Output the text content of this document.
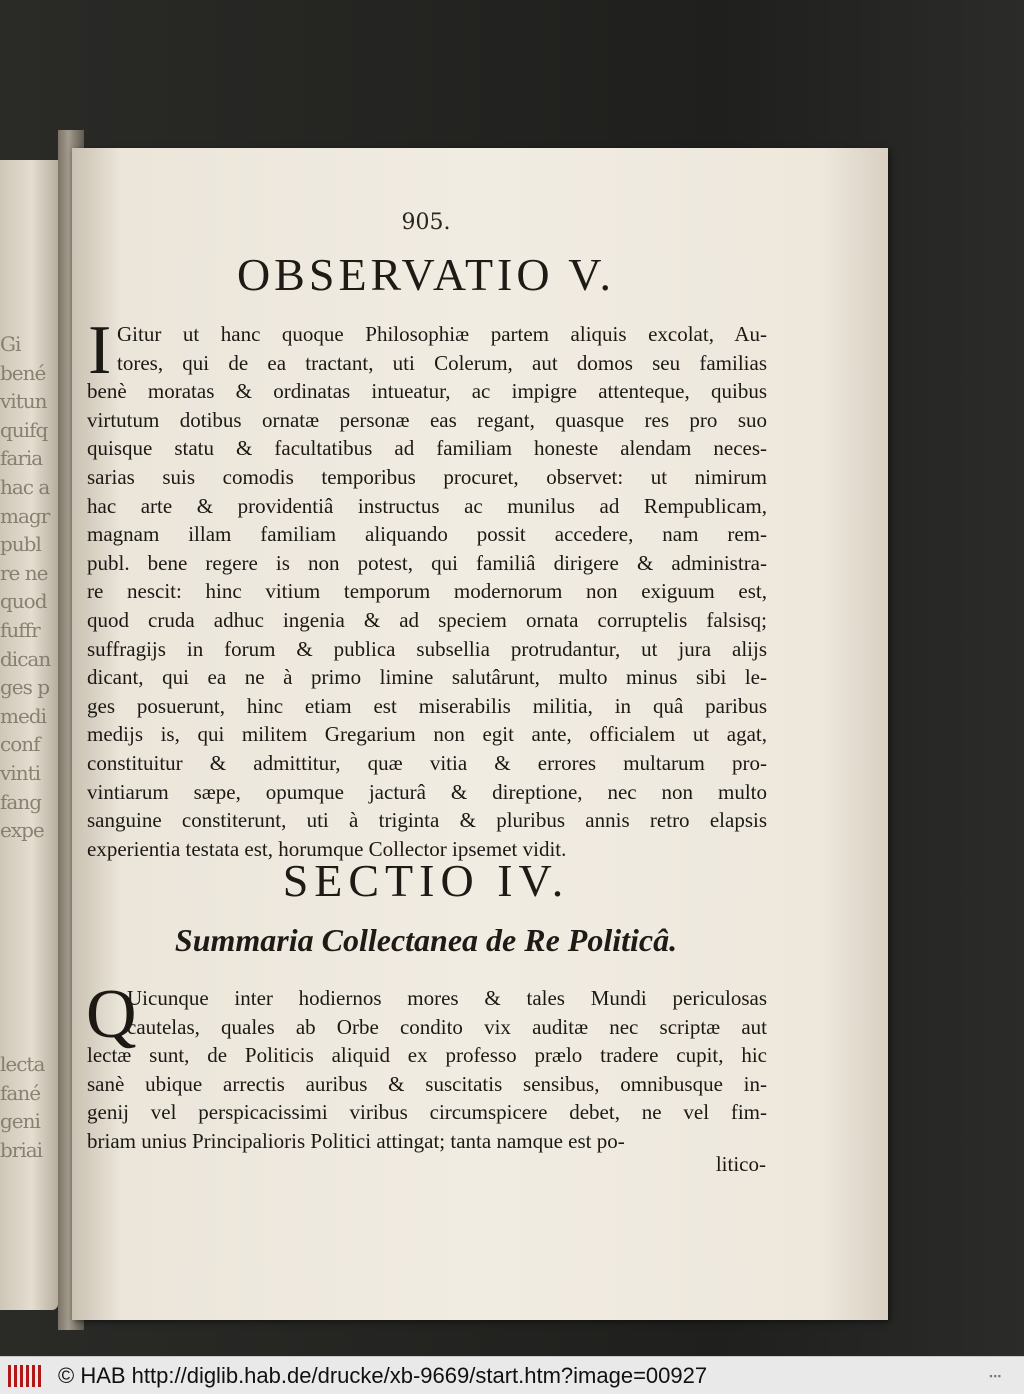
Gi
bené
vitun
quifq
faria
hac a
magr
publ
re ne
quod
fuffr
dican
ges p
medi
conf
vinti
fang
expe
lecta
fané
geni
briai
905.
OBSERVATIO V.
I Gitur ut hanc quoque Philosophiæ partem aliquis excolat, Au-
tores, qui de ea tractant, uti Colerum, aut domos seu familias
benè moratas & ordinatas intueatur, ac impigre attenteque, quibus
virtutum dotibus ornatæ personæ eas regant, quasque res pro suo
quisque statu & facultatibus ad familiam honeste alendam neces-
sarias suis comodis temporibus procuret, observet: ut nimirum
hac arte & providentiâ instructus ac munilus ad Rempublicam,
magnam illam familiam aliquando possit accedere, nam rem-
publ. bene regere is non potest, qui familiâ dirigere & administra-
re nescit: hinc vitium temporum modernorum non exiguum est,
quod cruda adhuc ingenia & ad speciem ornata corruptelis falsisq;
suffragijs in forum & publica subsellia protrudantur, ut jura alijs
dicant, qui ea ne à primo limine salutârunt, multo minus sibi le-
ges posuerunt, hinc etiam est miserabilis militia, in quâ paribus
medijs is, qui militem Gregarium non egit ante, officialem ut agat,
constituitur & admittitur, quæ vitia & errores multarum pro-
vintiarum sæpe, opumque jacturâ & direptione, nec non multo
sanguine constiterunt, uti à triginta & pluribus annis retro elapsis
experientia testata est, horumque Collector ipsemet vidit.

SECTIO IV.
Summaria Collectanea de Re Politicâ.
Q

Uicunque inter hodiernos mores & tales Mundi periculosas
cautelas, quales ab Orbe condito vix auditæ nec scriptæ aut
lectæ sunt, de Politicis aliquid ex professo prælo tradere cupit, hic
sanè ubique arrectis auribus & suscitatis sensibus, omnibusque in-
genij vel perspicacissimi viribus circumspicere debet, ne vel fim-
briam unius Principalioris Politici attingat; tanta namque est po-

litico-
© HAB http://diglib.hab.de/drucke/xb-9669/start.htm?image=00927	▪▪▪
